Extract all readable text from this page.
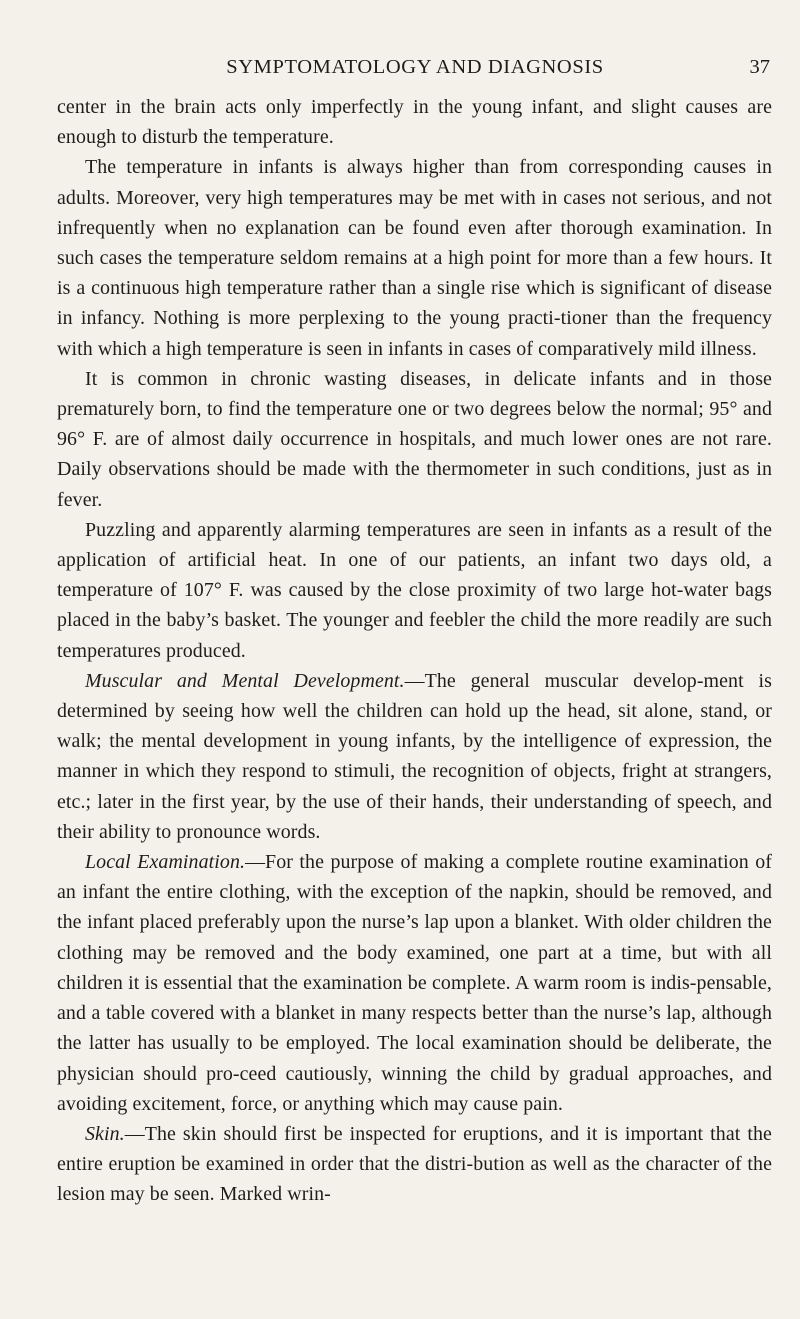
SYMPTOMATOLOGY AND DIAGNOSIS	37

center in the brain acts only imperfectly in the young infant, and slight causes are enough to disturb the temperature.

The temperature in infants is always higher than from corresponding causes in adults. Moreover, very high temperatures may be met with in cases not serious, and not infrequently when no explanation can be found even after thorough examination. In such cases the temperature seldom remains at a high point for more than a few hours. It is a continuous high temperature rather than a single rise which is significant of disease in infancy. Nothing is more perplexing to the young practi-tioner than the frequency with which a high temperature is seen in infants in cases of comparatively mild illness.

It is common in chronic wasting diseases, in delicate infants and in those prematurely born, to find the temperature one or two degrees below the normal; 95° and 96° F. are of almost daily occurrence in hospitals, and much lower ones are not rare. Daily observations should be made with the thermometer in such conditions, just as in fever.

Puzzling and apparently alarming temperatures are seen in infants as a result of the application of artificial heat. In one of our patients, an infant two days old, a temperature of 107° F. was caused by the close proximity of two large hot-water bags placed in the baby’s basket. The younger and feebler the child the more readily are such temperatures produced.

Muscular and Mental Development.—The general muscular develop-ment is determined by seeing how well the children can hold up the head, sit alone, stand, or walk; the mental development in young infants, by the intelligence of expression, the manner in which they respond to stimuli, the recognition of objects, fright at strangers, etc.; later in the first year, by the use of their hands, their understanding of speech, and their ability to pronounce words.

Local Examination.—For the purpose of making a complete routine examination of an infant the entire clothing, with the exception of the napkin, should be removed, and the infant placed preferably upon the nurse’s lap upon a blanket. With older children the clothing may be removed and the body examined, one part at a time, but with all children it is essential that the examination be complete. A warm room is indis-pensable, and a table covered with a blanket in many respects better than the nurse’s lap, although the latter has usually to be employed. The local examination should be deliberate, the physician should pro-ceed cautiously, winning the child by gradual approaches, and avoiding excitement, force, or anything which may cause pain.

Skin.—The skin should first be inspected for eruptions, and it is important that the entire eruption be examined in order that the distri-bution as well as the character of the lesion may be seen. Marked wrin-
